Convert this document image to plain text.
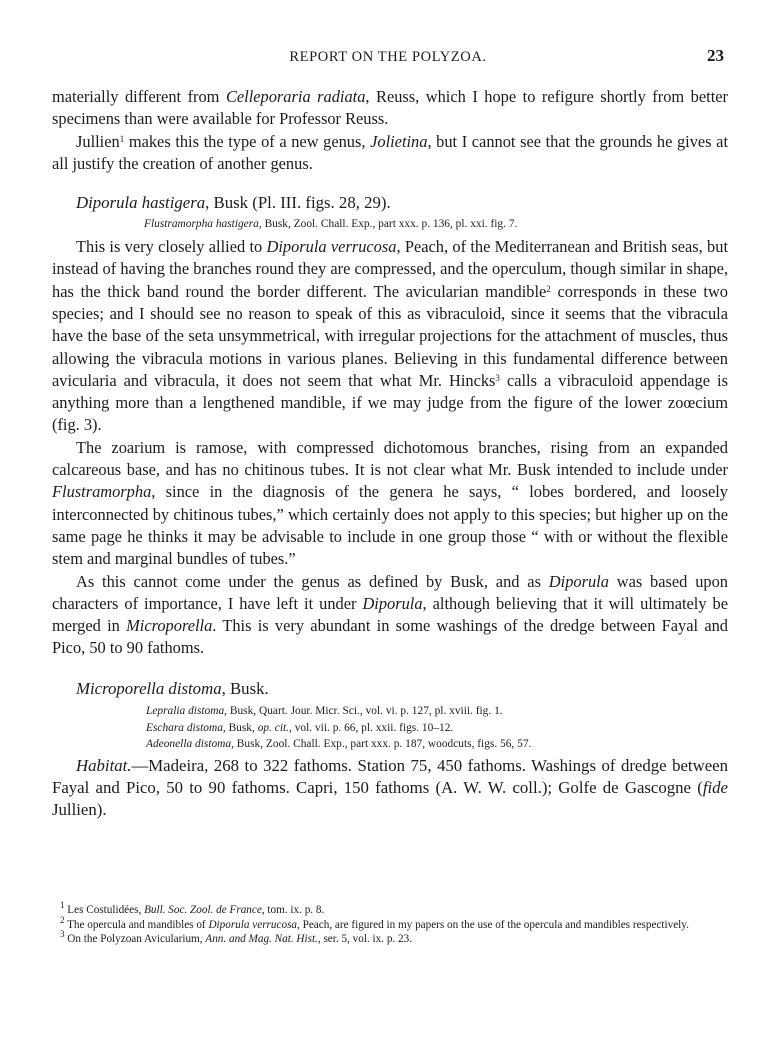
REPORT ON THE POLYZOA.	23

materially different from Celleporaria radiata, Reuss, which I hope to refigure shortly from better specimens than were available for Professor Reuss.

Jullien$^1$ makes this the type of a new genus, Jolietina, but I cannot see that the grounds he gives at all justify the creation of another genus.

Diporula hastigera, Busk (Pl. III. figs. 28, 29).
Flustramorpha hastigera, Busk, Zool. Chall. Exp., part xxx. p. 136, pl. xxi. fig. 7.

This is very closely allied to Diporula verrucosa, Peach, of the Mediterranean and British seas, but instead of having the branches round they are compressed, and the operculum, though similar in shape, has the thick band round the border different. The avicularian mandible$^2$ corresponds in these two species; and I should see no reason to speak of this as vibraculoid, since it seems that the vibracula have the base of the seta unsymmetrical, with irregular projections for the attachment of muscles, thus allowing the vibracula motions in various planes. Believing in this fundamental difference between avicularia and vibracula, it does not seem that what Mr. Hincks$^3$ calls a vibraculoid appendage is anything more than a lengthened mandible, if we may judge from the figure of the lower zoœcium (fig. 3).

The zoarium is ramose, with compressed dichotomous branches, rising from an expanded calcareous base, and has no chitinous tubes. It is not clear what Mr. Busk intended to include under Flustramorpha, since in the diagnosis of the genera he says, “ lobes bordered, and loosely interconnected by chitinous tubes,” which certainly does not apply to this species; but higher up on the same page he thinks it may be advisable to include in one group those “ with or without the flexible stem and marginal bundles of tubes.”

As this cannot come under the genus as defined by Busk, and as Diporula was based upon characters of importance, I have left it under Diporula, although believing that it will ultimately be merged in Microporella. This is very abundant in some washings of the dredge between Fayal and Pico, 50 to 90 fathoms.

Microporella distoma, Busk.
Lepralia distoma, Busk, Quart. Jour. Micr. Sci., vol. vi. p. 127, pl. xviii. fig. 1.
Eschara distoma, Busk, op. cit., vol. vii. p. 66, pl. xxii. figs. 10–12.
Adeonella distoma, Busk, Zool. Chall. Exp., part xxx. p. 187, woodcuts, figs. 56, 57.

Habitat.—Madeira, 268 to 322 fathoms. Station 75, 450 fathoms. Washings of dredge between Fayal and Pico, 50 to 90 fathoms. Capri, 150 fathoms (A. W. W. coll.); Golfe de Gascogne (fide Jullien).

$^1$ Les Costulidées, Bull. Soc. Zool. de France, tom. ix. p. 8.

$^2$ The opercula and mandibles of Diporula verrucosa, Peach, are figured in my papers on the use of the opercula and mandibles respectively.

$^3$ On the Polyzoan Avicularium, Ann. and Mag. Nat. Hist., ser. 5, vol. ix. p. 23.
